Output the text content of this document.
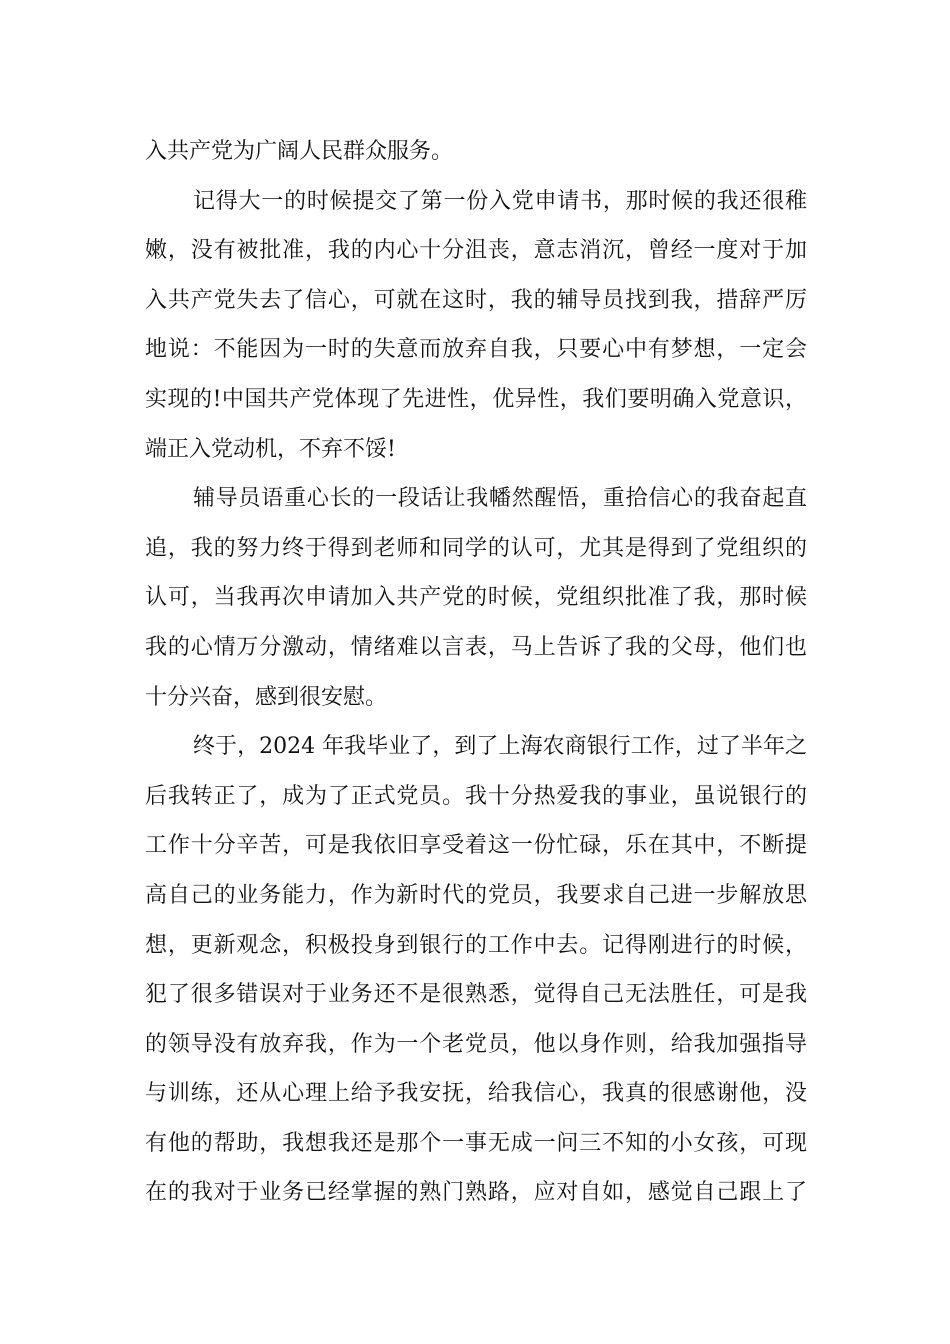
入共产党为广阔人民群众服务。
记得大一的时候提交了第一份入党申请书，那时候的我还很稚
嫩，没有被批准，我的内心十分沮丧，意志消沉，曾经一度对于加
入共产党失去了信心，可就在这时，我的辅导员找到我，措辞严厉
地说：不能因为一时的失意而放弃自我，只要心中有梦想，一定会
实现的!中国共产党体现了先进性，优异性，我们要明确入党意识，
端正入党动机，不弃不馁!
辅导员语重心长的一段话让我幡然醒悟，重拾信心的我奋起直
追，我的努力终于得到老师和同学的认可，尤其是得到了党组织的
认可，当我再次申请加入共产党的时候，党组织批准了我，那时候
我的心情万分激动，情绪难以言表，马上告诉了我的父母，他们也
十分兴奋，感到很安慰。
终于，2024 年我毕业了，到了上海农商银行工作，过了半年之
后我转正了，成为了正式党员。我十分热爱我的事业，虽说银行的
工作十分辛苦，可是我依旧享受着这一份忙碌，乐在其中，不断提
高自己的业务能力，作为新时代的党员，我要求自己进一步解放思
想，更新观念，积极投身到银行的工作中去。记得刚进行的时候，
犯了很多错误对于业务还不是很熟悉，觉得自己无法胜任，可是我
的领导没有放弃我，作为一个老党员，他以身作则，给我加强指导
与训练，还从心理上给予我安抚，给我信心，我真的很感谢他，没
有他的帮助，我想我还是那个一事无成一问三不知的小女孩，可现
在的我对于业务已经掌握的熟门熟路，应对自如，感觉自己跟上了
